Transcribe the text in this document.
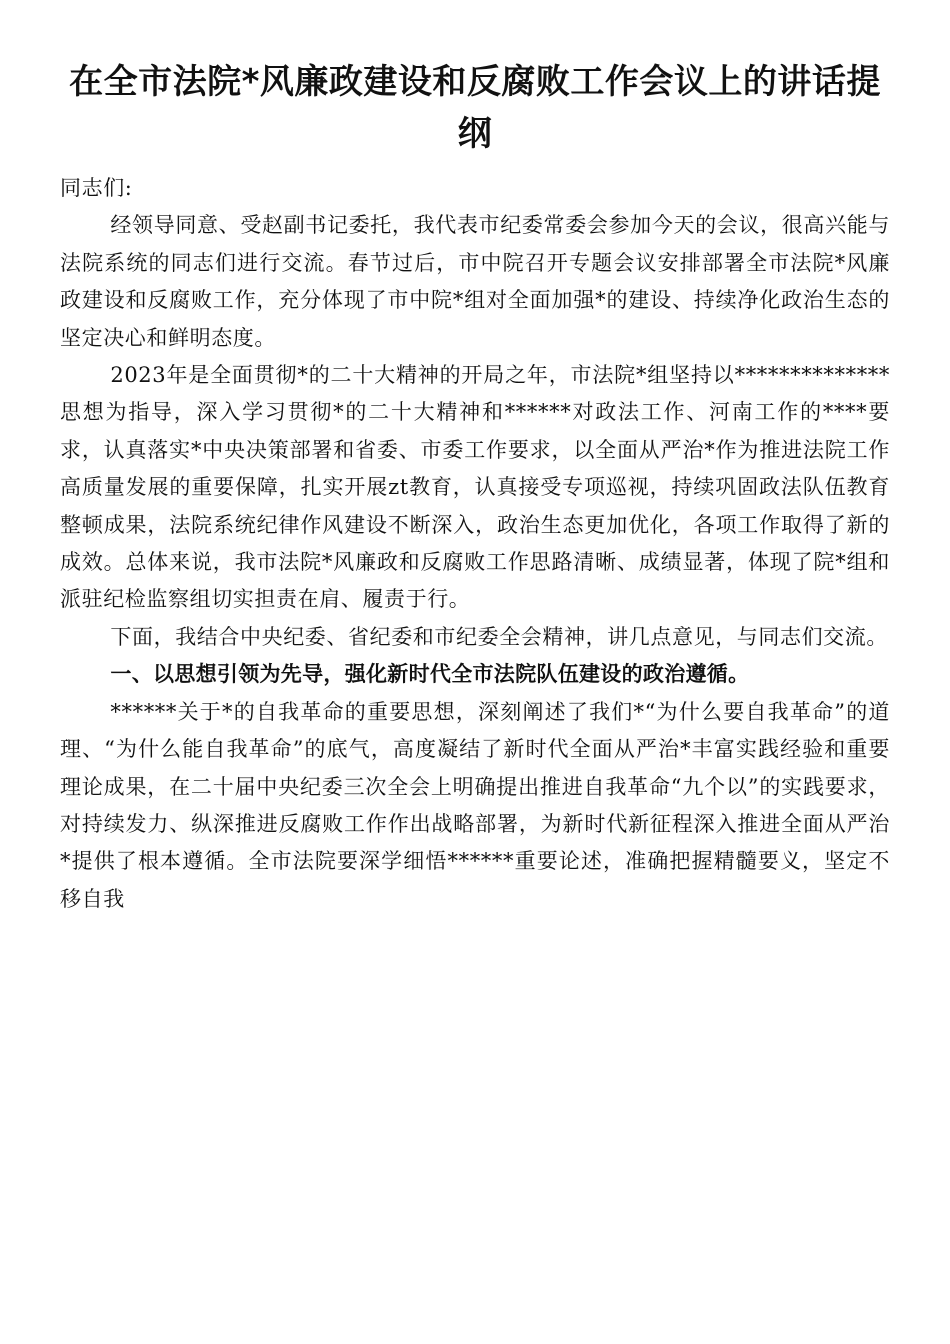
在全市法院*风廉政建设和反腐败工作会议上的讲话提纲

同志们:

经领导同意、受赵副书记委托，我代表市纪委常委会参加今天的会议，很高兴能与法院系统的同志们进行交流。春节过后，市中院召开专题会议安排部署全市法院*风廉政建设和反腐败工作，充分体现了市中院*组对全面加强*的建设、持续净化政治生态的坚定决心和鲜明态度。

2023年是全面贯彻*的二十大精神的开局之年，市法院*组坚持以**************思想为指导，深入学习贯彻*的二十大精神和******对政法工作、河南工作的****要求，认真落实*中央决策部署和省委、市委工作要求，以全面从严治*作为推进法院工作高质量发展的重要保障，扎实开展zt教育，认真接受专项巡视，持续巩固政法队伍教育整顿成果，法院系统纪律作风建设不断深入，政治生态更加优化，各项工作取得了新的成效。总体来说，我市法院*风廉政和反腐败工作思路清晰、成绩显著，体现了院*组和派驻纪检监察组切实担责在肩、履责于行。

下面，我结合中央纪委、省纪委和市纪委全会精神，讲几点意见，与同志们交流。

一、以思想引领为先导，强化新时代全市法院队伍建设的政治遵循。

******关于*的自我革命的重要思想，深刻阐述了我们*“为什么要自我革命”的道理、“为什么能自我革命”的底气，高度凝结了新时代全面从严治*丰富实践经验和重要理论成果，在二十届中央纪委三次全会上明确提出推进自我革命“九个以”的实践要求，对持续发力、纵深推进反腐败工作作出战略部署，为新时代新征程深入推进全面从严治*提供了根本遵循。全市法院要深学细悟******重要论述，准确把握精髓要义，坚定不移自我
